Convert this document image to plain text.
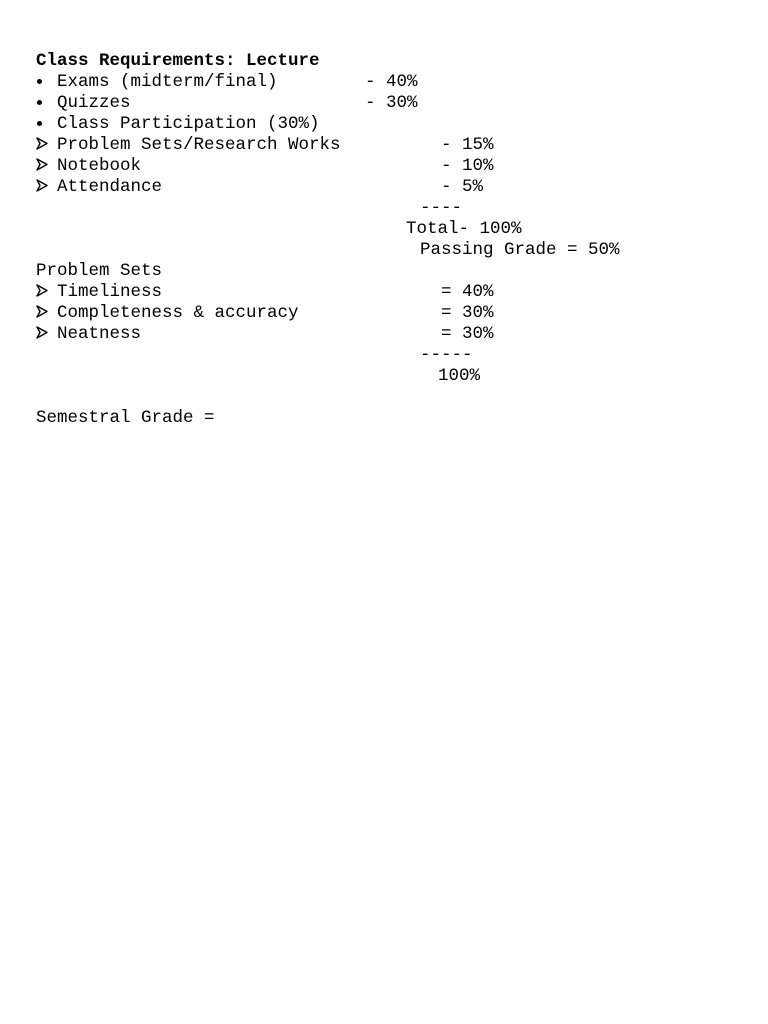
Class Requirements: Lecture
Exams (midterm/final)	- 40%
Quizzes	- 30%
Class Participation (30%)
Problem Sets/Research Works	- 15%
Notebook	- 10%
Attendance	- 5%
----
Total- 100%
Passing Grade = 50%
Problem Sets
Timeliness	= 40%
Completeness & accuracy	= 30%
Neatness	= 30%
-----
100%
Semestral Grade =
